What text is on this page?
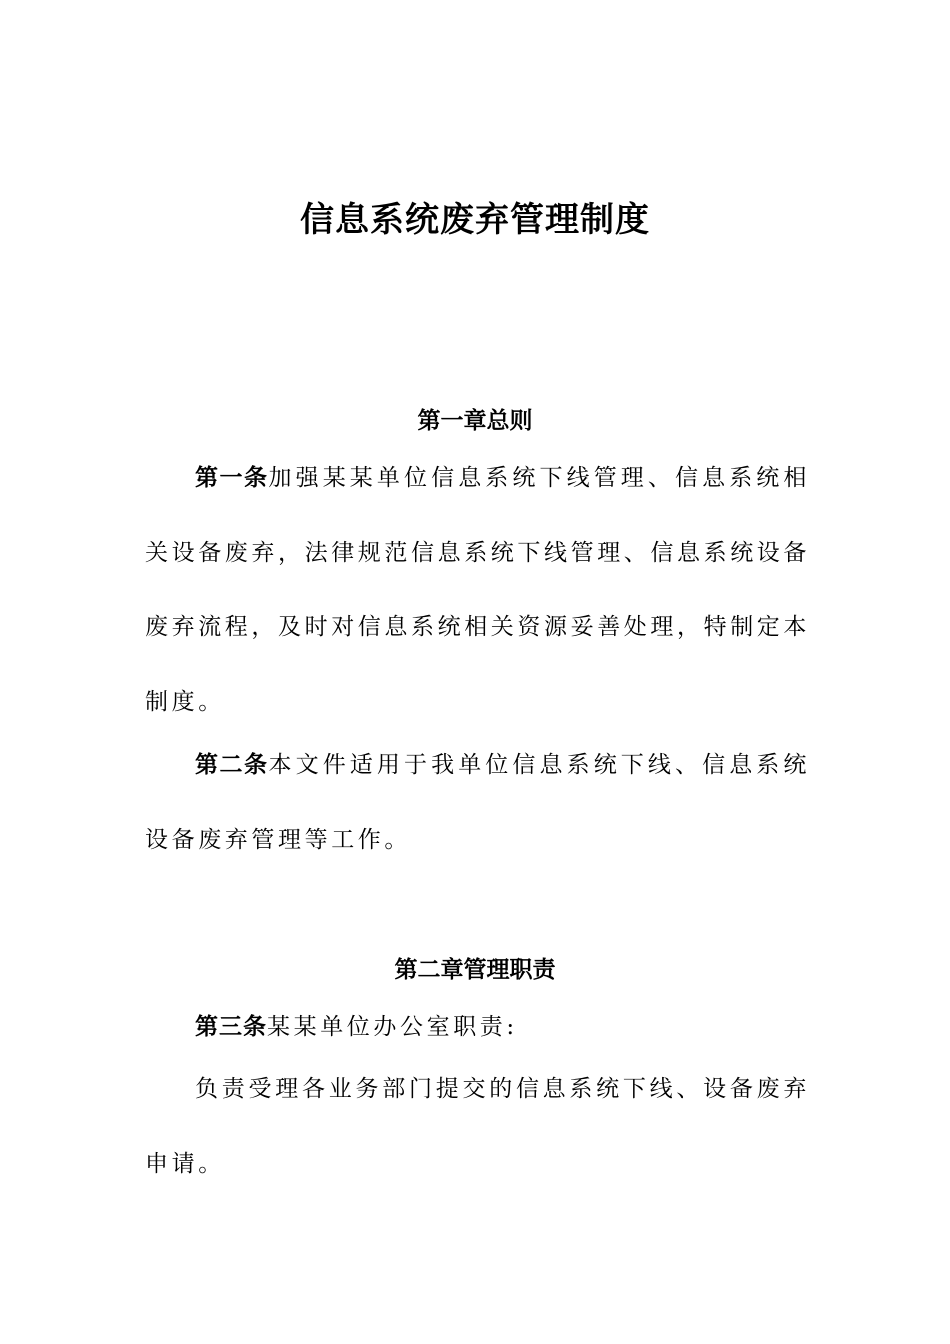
信息系统废弃管理制度
第一章总则

第一条加强某某单位信息系统下线管理、信息系统相关设备废弃，法律规范信息系统下线管理、信息系统设备废弃流程，及时对信息系统相关资源妥善处理，特制定本制度。

第二条本文件适用于我单位信息系统下线、信息系统设备废弃管理等工作。

第二章管理职责

第三条某某单位办公室职责:

负责受理各业务部门提交的信息系统下线、设备废弃申请。
